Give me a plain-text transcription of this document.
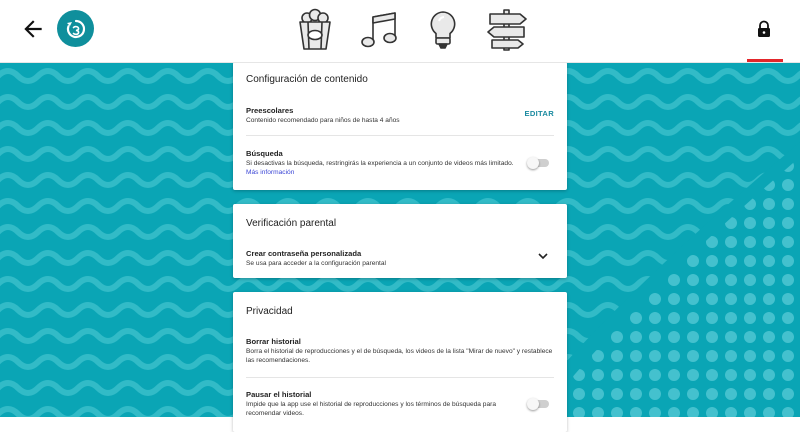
Configuración de contenido
Preescolares
Contenido recomendado para niños de hasta 4 años
EDITAR
Búsqueda
Si desactivas la búsqueda, restringirás la experiencia a un conjunto de videos más limitado. Más información
Verificación parental
Crear contraseña personalizada
Se usa para acceder a la configuración parental
Privacidad
Borrar historial
Borra el historial de reproducciones y el de búsqueda, los videos de la lista "Mirar de nuevo" y restablece las recomendaciones.
Pausar el historial
Impide que la app use el historial de reproducciones y los términos de búsqueda para recomendar videos.
